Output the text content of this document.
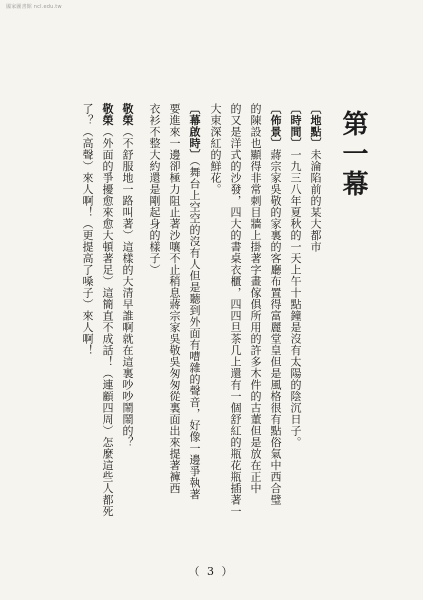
國家圖書館 ncl.edu.tw
第一幕
〔地點〕未淪陷前的某大都市
〔時間〕一九三八年夏秋的一天上午十點鐘是沒有太陽的陰沉日子。
〔佈景〕蔣宗家吳敬的家裏的客廳布置得富麗堂皇但是風格很有點俗氣中西合璧
的陳設也顯得非常刺目牆上掛著字畫傢俱所用的許多木件的古董但是放在正中
的又是洋式的沙發，四大的書桌衣櫃，四四旦茶几上還有一個舒紅的瓶花瓶插著一
大束深紅的鮮花。
〔幕啟時〕（舞台上空空的沒有人但是聽到外面有嘈雜的聲音，好像一邊爭執著
要進來一邊卻極力阻止著沙嚷不止稍息蔣宗家吳敬吳匆匆從裏面出來提著褲西
衣衫不整大約還是剛起身的樣子）
敬榮（不舒服地一路叫著）這樣的大清早誰啊就在這裏吵吵鬧鬧的？
敬榮（外面的爭擾愈來愈大頓著足）這簡直不成話！（連顧四周）怎麼這些人都死
了？（高聲）來人啊！（更提高了嗓子）來人啊！
（ 3 ）
